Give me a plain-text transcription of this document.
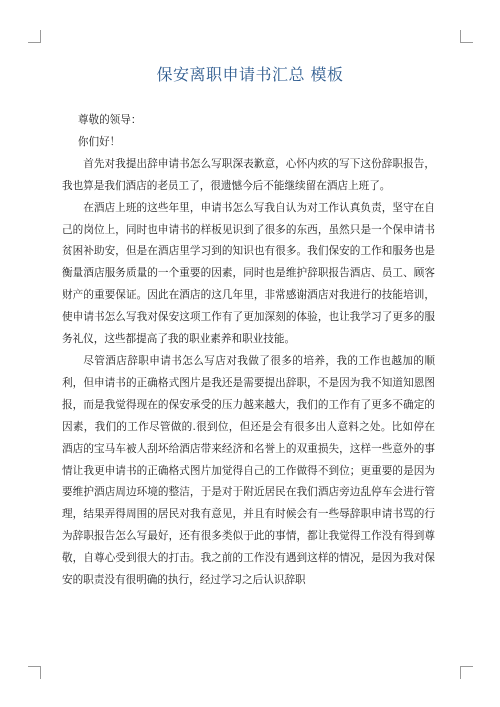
保安离职申请书汇总 模板

尊敬的领导：

你们好！

首先对我提出辞申请书怎么写职深表歉意，心怀内疚的写下这份辞职报告，我也算是我们酒店的老员工了，很遗憾今后不能继续留在酒店上班了。

在酒店上班的这些年里，申请书怎么写我自认为对工作认真负责，坚守在自己的岗位上，同时也申请书的样板见识到了很多的东西，虽然只是一个保申请书贫困补助安，但是在酒店里学习到的知识也有很多。我们保安的工作和服务也是衡量酒店服务质量的一个重要的因素，同时也是维护辞职报告酒店、员工、顾客财产的重要保证。因此在酒店的这几年里，非常感谢酒店对我进行的技能培训，使申请书怎么写我对保安这项工作有了更加深刻的体验，也让我学习了更多的服务礼仪，这些都提高了我的职业素养和职业技能。

尽管酒店辞职申请书怎么写店对我做了很多的培养，我的工作也越加的顺利，但申请书的正确格式图片是我还是需要提出辞职，不是因为我不知道知恩图报，而是我觉得现在的保安承受的压力越来越大，我们的工作有了更多不确定的因素，我们的工作尽管做的.很到位，但还是会有很多出人意料之处。比如停在酒店的宝马车被人刮坏给酒店带来经济和名誉上的双重损失，这样一些意外的事情让我更申请书的正确格式图片加觉得自己的工作做得不到位；更重要的是因为要维护酒店周边环境的整洁，于是对于附近居民在我们酒店旁边乱停车会进行管理，结果弄得周围的居民对我有意见，并且有时候会有一些辱辞职申请书骂的行为辞职报告怎么写最好，还有很多类似于此的事情，都让我觉得工作没有得到尊敬，自尊心受到很大的打击。我之前的工作没有遇到这样的情况，是因为我对保安的职责没有很明确的执行，经过学习之后认识辞职
